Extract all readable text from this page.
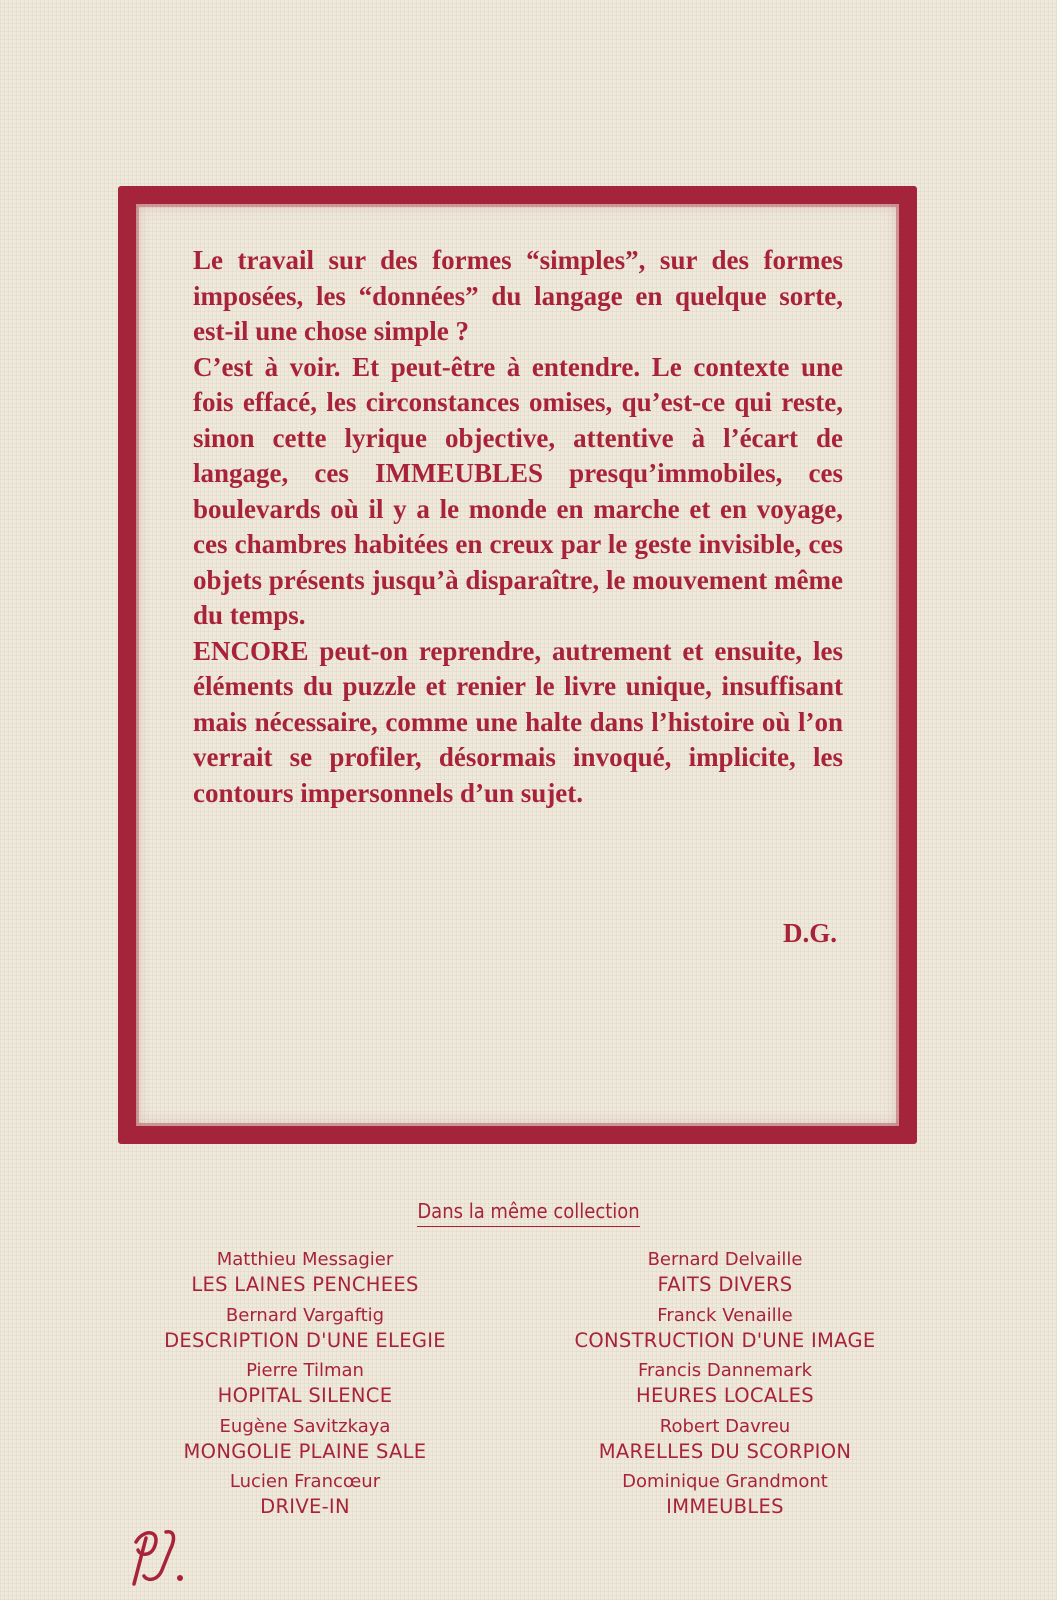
Le travail sur des formes “simples”, sur des formes imposées, les “données” du langage en quelque sorte, est-il une chose simple ?

C’est à voir. Et peut-être à entendre. Le contexte une fois effacé, les circonstances omises, qu’est-ce qui reste, sinon cette lyrique objective, attentive à l’écart de langage, ces IMMEUBLES presqu’immobiles, ces boulevards où il y a le monde en marche et en voyage, ces chambres habitées en creux par le geste invisible, ces objets présents jusqu’à disparaître, le mouvement même du temps.

ENCORE peut-on reprendre, autrement et ensuite, les éléments du puzzle et renier le livre unique, insuffisant mais nécessaire, comme une halte dans l’histoire où l’on verrait se profiler, désormais invoqué, implicite, les contours impersonnels d’un sujet.

D.G.
Dans la même collection
Matthieu Messagier
LES LAINES PENCHEES
Bernard Vargaftig
DESCRIPTION D'UNE ELEGIE
Pierre Tilman
HOPITAL SILENCE
Eugène Savitzkaya
MONGOLIE PLAINE SALE
Lucien Francœur
DRIVE-IN
Bernard Delvaille
FAITS DIVERS
Franck Venaille
CONSTRUCTION D'UNE IMAGE
Francis Dannemark
HEURES LOCALES
Robert Davreu
MARELLES DU SCORPION
Dominique Grandmont
IMMEUBLES
